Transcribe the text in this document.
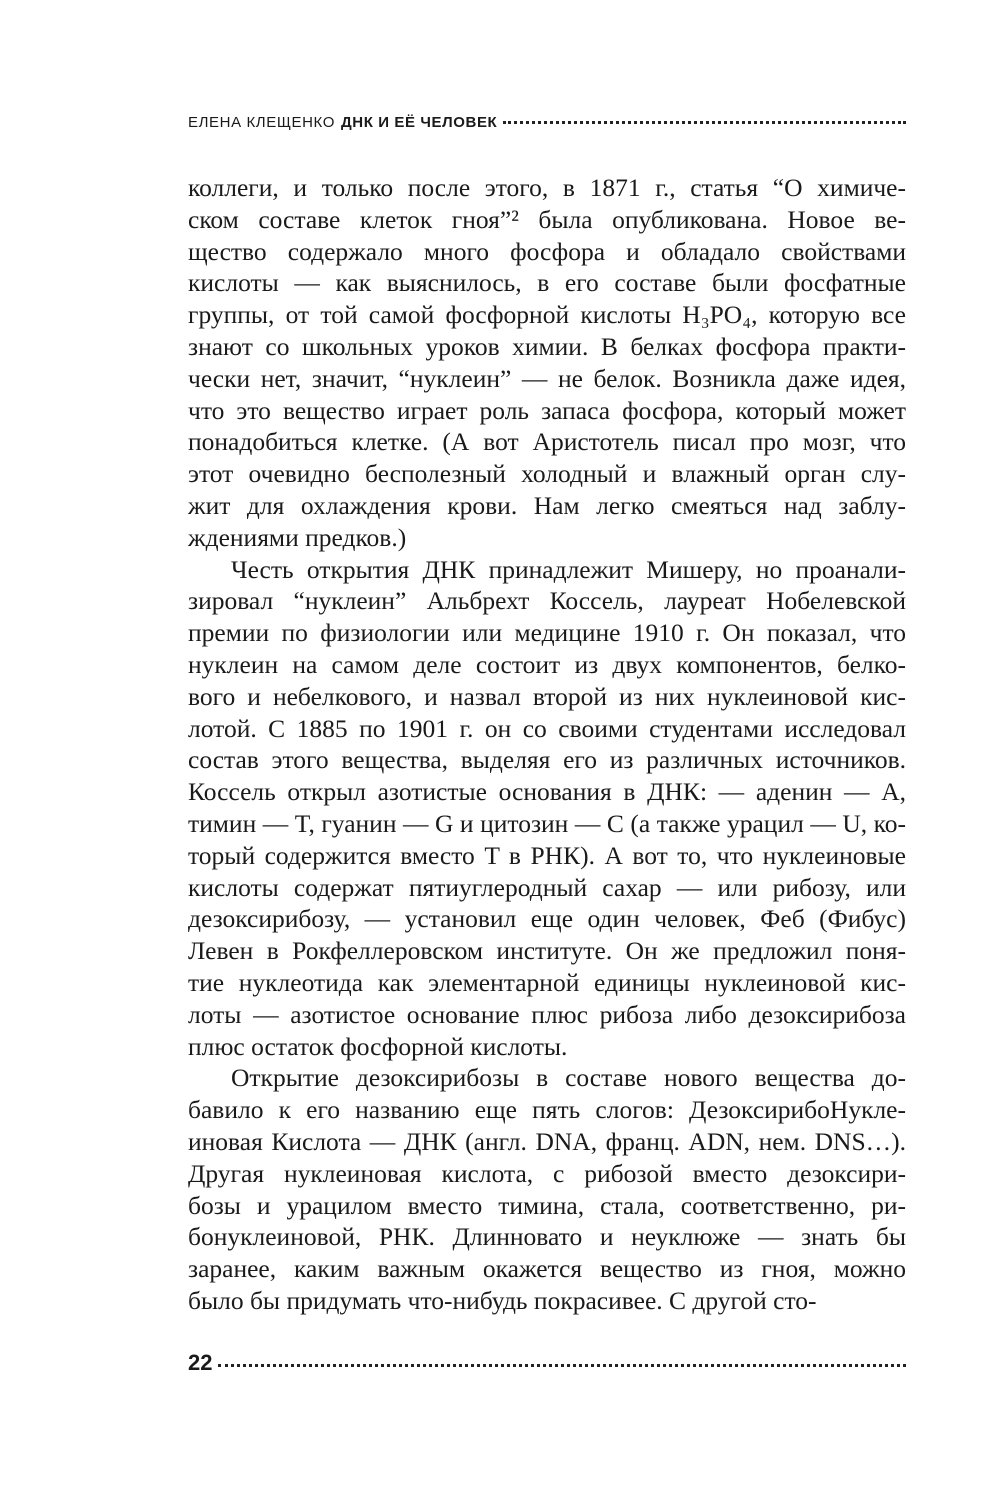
ЕЛЕНА КЛЕЩЕНКО ДНК И ЕЁ ЧЕЛОВЕК
коллеги, и только после этого, в 1871 г., статья “О химиче-
ском составе клеток гноя”² была опубликована. Новое ве-
щество содержало много фосфора и обладало свойствами
кислоты — как выяснилось, в его составе были фосфатные
группы, от той самой фосфорной кислоты H₃PO₄, которую все
знают со школьных уроков химии. В белках фосфора практи-
чески нет, значит, “нуклеин” — не белок. Возникла даже идея,
что это вещество играет роль запаса фосфора, который может
понадобиться клетке. (А вот Аристотель писал про мозг, что
этот очевидно бесполезный холодный и влажный орган слу-
жит для охлаждения крови. Нам легко смеяться над заблу-
ждениями предков.)
Честь открытия ДНК принадлежит Мишеру, но проанали-
зировал “нуклеин” Альбрехт Коссель, лауреат Нобелевской
премии по физиологии или медицине 1910 г. Он показал, что
нуклеин на самом деле состоит из двух компонентов, белко-
вого и небелкового, и назвал второй из них нуклеиновой кис-
лотой. С 1885 по 1901 г. он со своими студентами исследовал
состав этого вещества, выделяя его из различных источников.
Коссель открыл азотистые основания в ДНК: — аденин — A,
тимин — T, гуанин — G и цитозин — C (а также урацил — U, ко-
торый содержится вместо T в РНК). А вот то, что нуклеиновые
кислоты содержат пятиуглеродный сахар — или рибозу, или
дезоксирибозу, — установил еще один человек, Феб (Фибус)
Левен в Рокфеллеровском институте. Он же предложил поня-
тие нуклеотида как элементарной единицы нуклеиновой кис-
лоты — азотистое основание плюс рибоза либо дезоксирибоза
плюс остаток фосфорной кислоты.
Открытие дезоксирибозы в составе нового вещества до-
бавило к его названию еще пять слогов: ДезоксирибоНукле-
иновая Кислота — ДНК (англ. DNA, франц. ADN, нем. DNS…).
Другая нуклеиновая кислота, с рибозой вместо дезоксири-
бозы и урацилом вместо тимина, стала, соответственно, ри-
бонуклеиновой, РНК. Длинновато и неуклюже — знать бы
заранее, каким важным окажется вещество из гноя, можно
было бы придумать что-нибудь покрасивее. С другой сто-
22
